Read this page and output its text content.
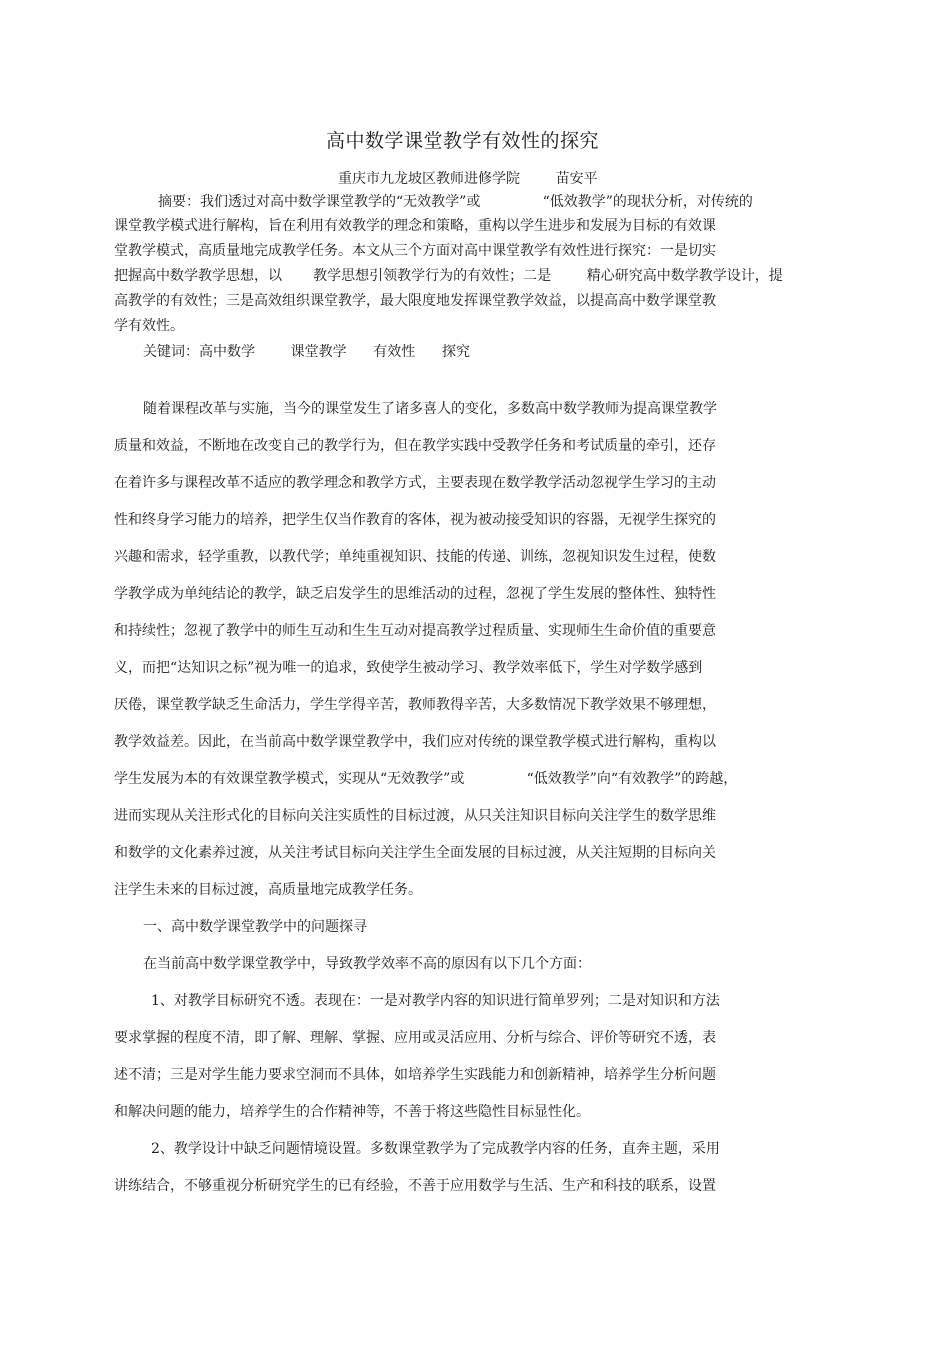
高中数学课堂教学有效性的探究
重庆市九龙坡区教师进修学院        苗安平
摘要：我们透过对高中数学课堂教学的“无效教学”或              “低效教学”的现状分析，对传统的
课堂教学模式进行解构，旨在利用有效教学的理念和策略，重构以学生进步和发展为目标的有效课
堂教学模式，高质量地完成教学任务。本文从三个方面对高中课堂教学有效性进行探究：一是切实
把握高中数学教学思想，以       教学思想引领教学行为的有效性；二是        精心研究高中数学教学设计，提
高教学的有效性；三是高效组织课堂教学，最大限度地发挥课堂教学效益，以提高高中数学课堂教
学有效性。
关键词：高中数学        课堂教学      有效性      探究
随着课程改革与实施，当今的课堂发生了诸多喜人的变化，多数高中数学教师为提高课堂教学
质量和效益，不断地在改变自己的教学行为，但在教学实践中受教学任务和考试质量的牵引，还存
在着许多与课程改革不适应的教学理念和教学方式，主要表现在数学教学活动忽视学生学习的主动
性和终身学习能力的培养，把学生仅当作教育的客体，视为被动接受知识的容器，无视学生探究的
兴趣和需求，轻学重教，以教代学；单纯重视知识、技能的传递、训练，忽视知识发生过程，使数
学教学成为单纯结论的教学，缺乏启发学生的思维活动的过程，忽视了学生发展的整体性、独特性
和持续性；忽视了教学中的师生互动和生生互动对提高教学过程质量、实现师生生命价值的重要意
义，而把“达知识之标”视为唯一的追求，致使学生被动学习、教学效率低下，学生对学数学感到
厌倦，课堂教学缺乏生命活力，学生学得辛苦，教师教得辛苦，大多数情况下教学效果不够理想，
教学效益差。因此，在当前高中数学课堂教学中，我们应对传统的课堂教学模式进行解构，重构以
学生发展为本的有效课堂教学模式，实现从“无效教学”或              “低效教学”向“有效教学”的跨越，
进而实现从关注形式化的目标向关注实质性的目标过渡，从只关注知识目标向关注学生的数学思维
和数学的文化素养过渡，从关注考试目标向关注学生全面发展的目标过渡，从关注短期的目标向关
注学生未来的目标过渡，高质量地完成教学任务。
一、高中数学课堂教学中的问题探寻
在当前高中数学课堂教学中，导致教学效率不高的原因有以下几个方面：
1、对教学目标研究不透。表现在：一是对教学内容的知识进行简单罗列；二是对知识和方法
要求掌握的程度不清，即了解、理解、掌握、应用或灵活应用、分析与综合、评价等研究不透，表
述不清；三是对学生能力要求空洞而不具体，如培养学生实践能力和创新精神，培养学生分析问题
和解决问题的能力，培养学生的合作精神等，不善于将这些隐性目标显性化。
2、教学设计中缺乏问题情境设置。多数课堂教学为了完成教学内容的任务，直奔主题，采用
讲练结合，不够重视分析研究学生的已有经验，不善于应用数学与生活、生产和科技的联系，设置
